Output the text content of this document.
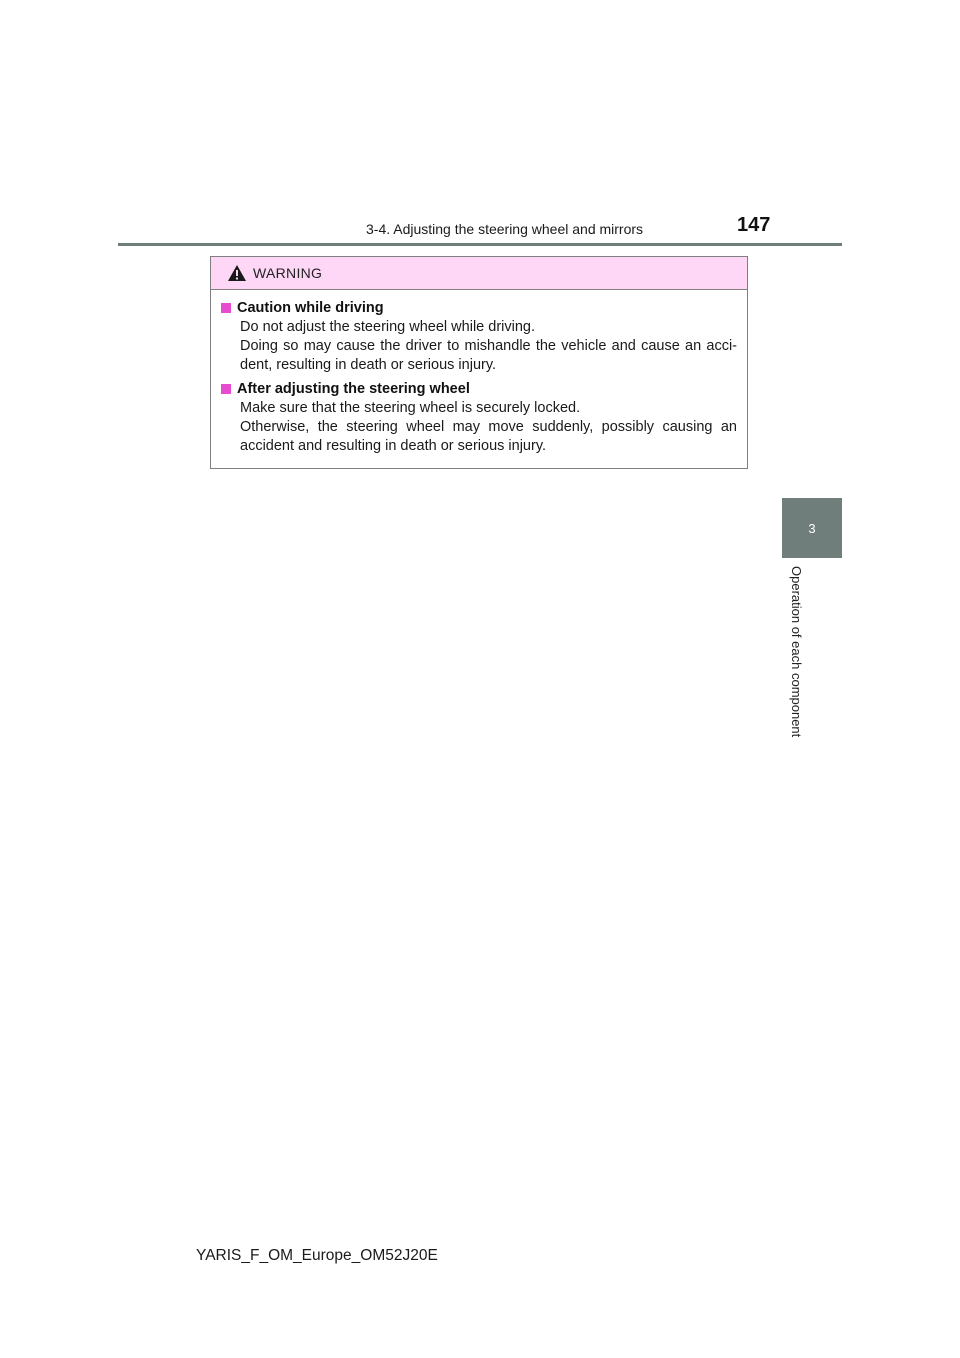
3-4. Adjusting the steering wheel and mirrors	147
3
Operation of each component
WARNING
Caution while driving

Do not adjust the steering wheel while driving.

Doing so may cause the driver to mishandle the vehicle and cause an acci-dent, resulting in death or serious injury.

After adjusting the steering wheel

Make sure that the steering wheel is securely locked.

Otherwise, the steering wheel may move suddenly, possibly causing an accident and resulting in death or serious injury.

YARIS_F_OM_Europe_OM52J20E
